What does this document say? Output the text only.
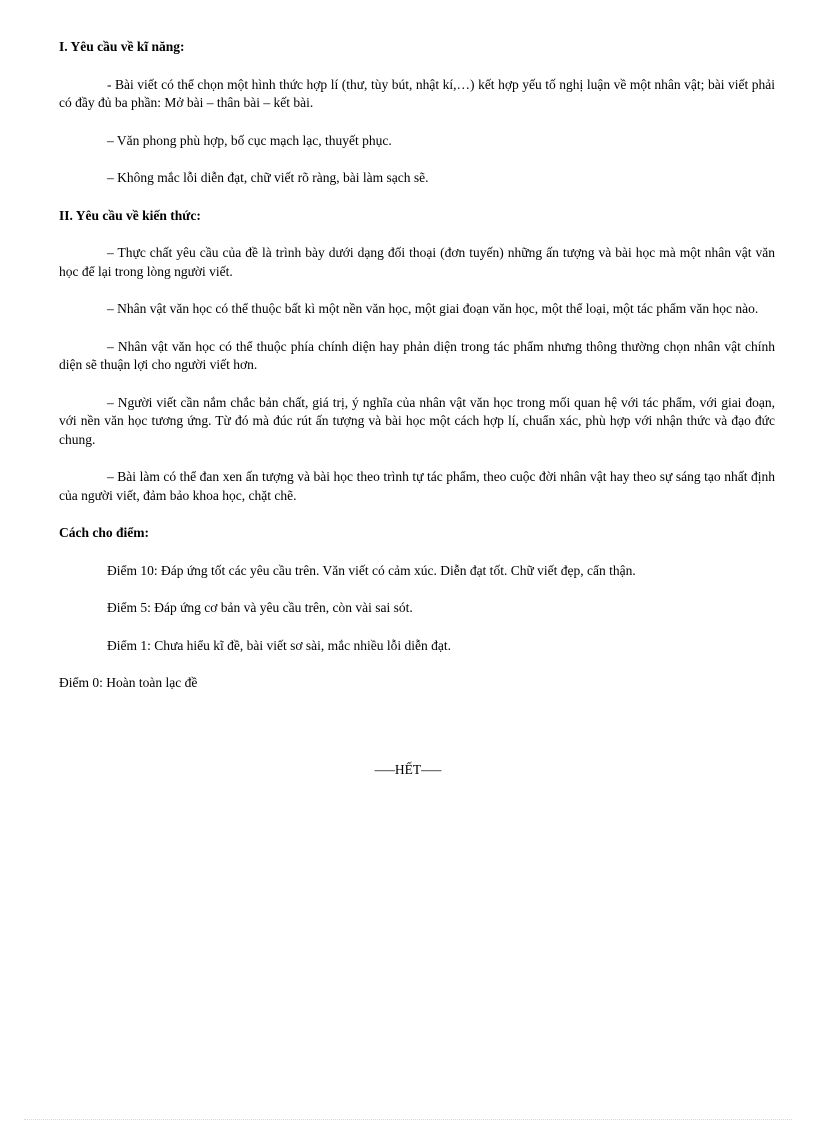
I. Yêu cầu về kĩ năng:

- Bài viết có thể chọn một hình thức hợp lí (thư, tùy bút, nhật kí,…) kết hợp yếu tố nghị luận về một nhân vật; bài viết phải có đầy đủ ba phần: Mở bài – thân bài – kết bài.

– Văn phong phù hợp, bố cục mạch lạc, thuyết phục.

– Không mắc lỗi diễn đạt, chữ viết rõ ràng, bài làm sạch sẽ.

II. Yêu cầu về kiến thức:

– Thực chất yêu cầu của đề là trình bày dưới dạng đối thoại (đơn tuyến) những ấn tượng và bài học mà một nhân vật văn học để lại trong lòng người viết.

– Nhân vật văn học có thể thuộc bất kì một nền văn học, một giai đoạn văn học, một thể loại, một tác phẩm văn học nào.

– Nhân vật văn học có thể thuộc phía chính diện hay phản diện trong tác phẩm nhưng thông thường chọn nhân vật chính diện sẽ thuận lợi cho người viết hơn.

– Người viết cần nắm chắc bản chất, giá trị, ý nghĩa của nhân vật văn học trong mối quan hệ với tác phẩm, với giai đoạn, với nền văn học tương ứng. Từ đó mà đúc rút ấn tượng và bài học một cách hợp lí, chuẩn xác, phù hợp với nhận thức và đạo đức chung.

– Bài làm có thể đan xen ấn tượng và bài học theo trình tự tác phẩm, theo cuộc đời nhân vật hay theo sự sáng tạo nhất định của người viết, đảm bảo khoa học, chặt chẽ.

Cách cho điểm:

Điểm 10: Đáp ứng tốt các yêu cầu trên. Văn viết có cảm xúc. Diễn đạt tốt. Chữ viết đẹp, cẩn thận.

Điểm 5: Đáp ứng cơ bản và yêu cầu trên, còn vài sai sót.

Điểm 1: Chưa hiểu kĩ đề, bài viết sơ sài, mắc nhiều lỗi diễn đạt.

Điểm 0: Hoàn toàn lạc đề

—–HẾT—–
